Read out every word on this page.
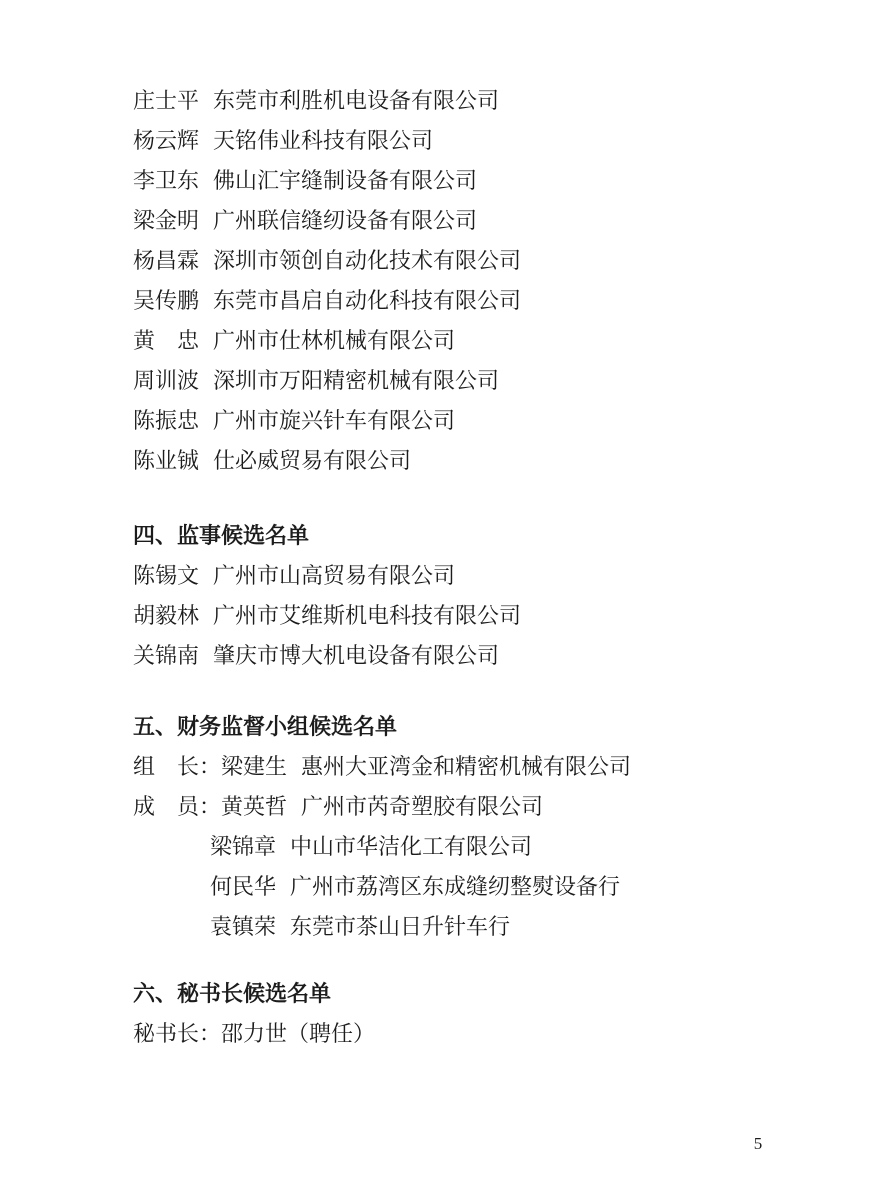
庄士平 东莞市利胜机电设备有限公司
杨云辉 天铭伟业科技有限公司
李卫东 佛山汇宇缝制设备有限公司
梁金明 广州联信缝纫设备有限公司
杨昌霖 深圳市领创自动化技术有限公司
吴传鹏 东莞市昌启自动化科技有限公司
黄　忠 广州市仕林机械有限公司
周训波 深圳市万阳精密机械有限公司
陈振忠 广州市旋兴针车有限公司
陈业铖 仕必威贸易有限公司
四、监事候选名单
陈锡文 广州市山高贸易有限公司
胡毅林 广州市艾维斯机电科技有限公司
关锦南 肇庆市博大机电设备有限公司
五、财务监督小组候选名单
组　长： 梁建生 惠州大亚湾金和精密机械有限公司
成　员： 黄英哲 广州市芮奇塑胶有限公司
梁锦章 中山市华洁化工有限公司
何民华 广州市荔湾区东成缝纫整熨设备行
袁镇荣 东莞市茶山日升针车行
六、秘书长候选名单
秘书长： 邵力世（聘任）
5
